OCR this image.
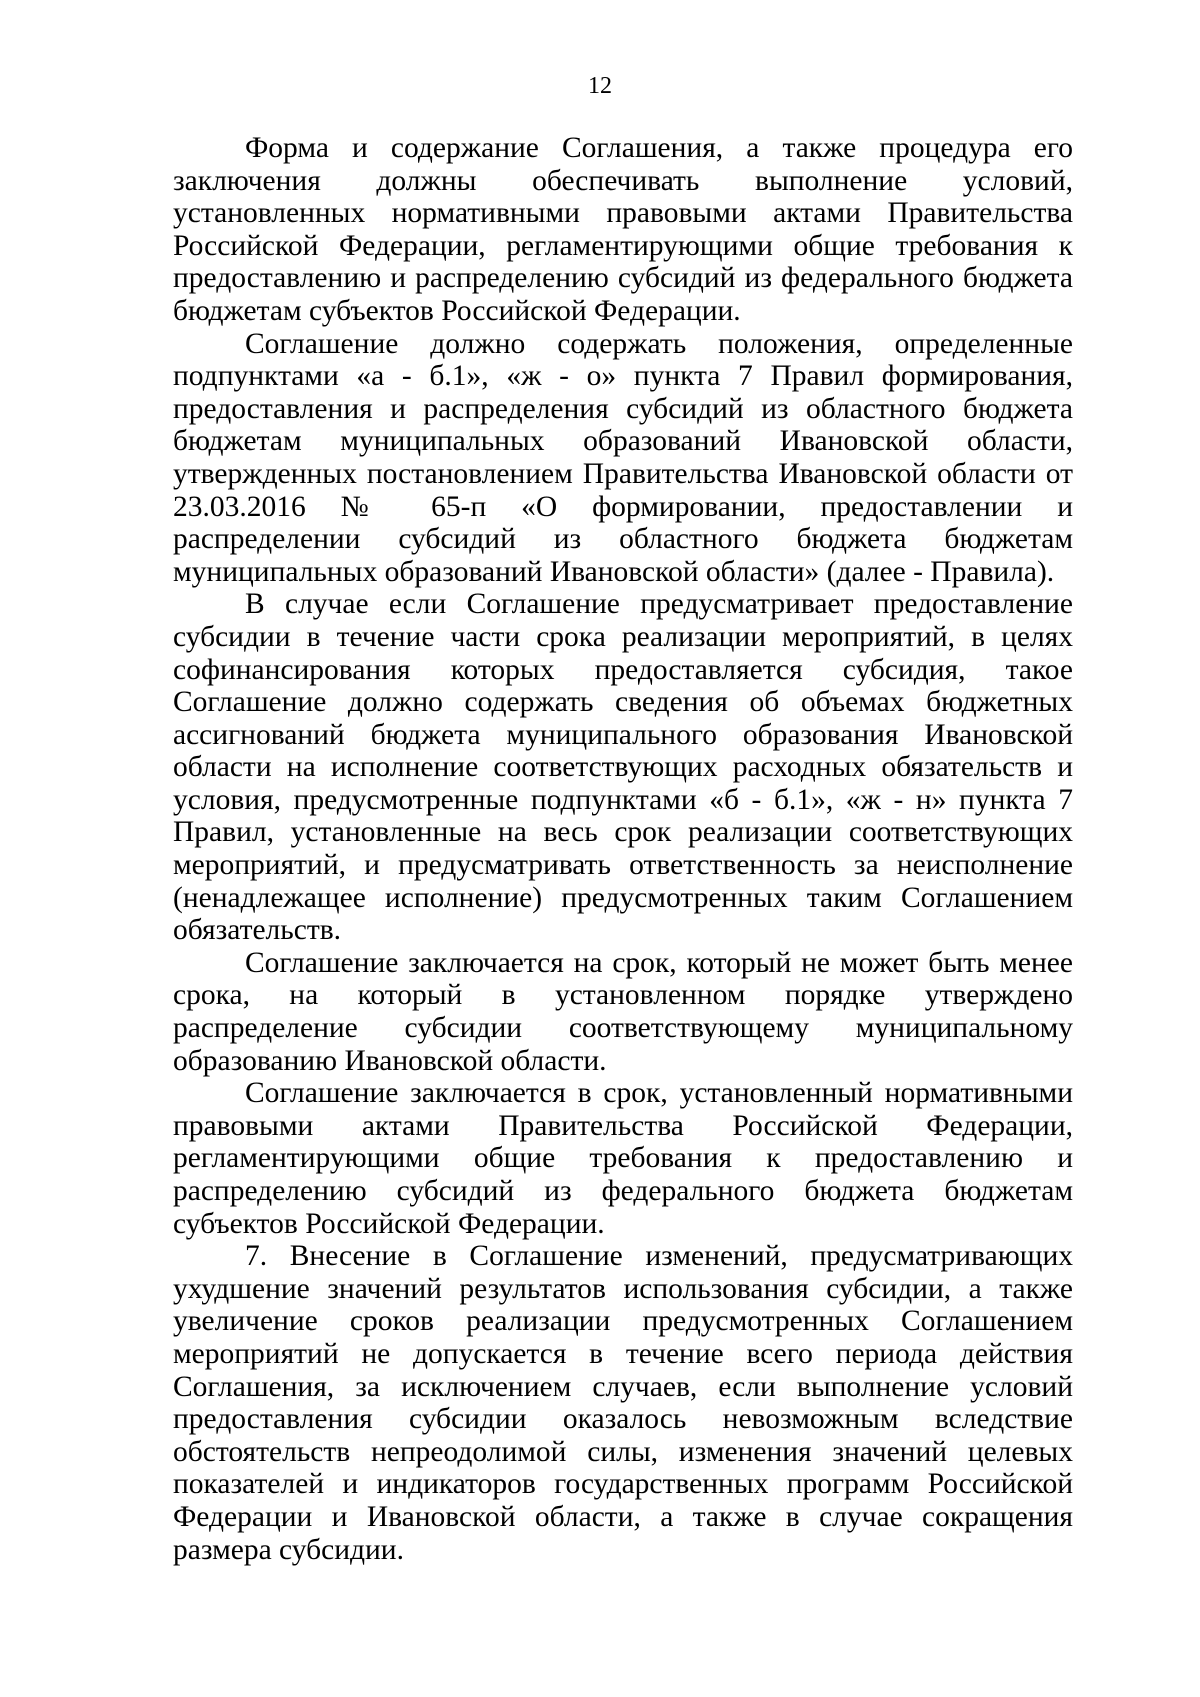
12

Форма и содержание Соглашения, а также процедура его заключения должны обеспечивать выполнение условий, установленных нормативными правовыми актами Правительства Российской Федерации, регламентирующими общие требования к предоставлению и распределению субсидий из федерального бюджета бюджетам субъектов Российской Федерации.

Соглашение должно содержать положения, определенные подпунктами «а - б.1», «ж - о» пункта 7 Правил формирования, предоставления и распределения субсидий из областного бюджета бюджетам муниципальных образований Ивановской области, утвержденных постановлением Правительства Ивановской области от 23.03.2016 № 65-п «О формировании, предоставлении и распределении субсидий из областного бюджета бюджетам муниципальных образований Ивановской области» (далее - Правила).

В случае если Соглашение предусматривает предоставление субсидии в течение части срока реализации мероприятий, в целях софинансирования которых предоставляется субсидия, такое Соглашение должно содержать сведения об объемах бюджетных ассигнований бюджета муниципального образования Ивановской области на исполнение соответствующих расходных обязательств и условия, предусмотренные подпунктами «б - б.1», «ж - н» пункта 7 Правил, установленные на весь срок реализации соответствующих мероприятий, и предусматривать ответственность за неисполнение (ненадлежащее исполнение) предусмотренных таким Соглашением обязательств.

Соглашение заключается на срок, который не может быть менее срока, на который в установленном порядке утверждено распределение субсидии соответствующему муниципальному образованию Ивановской области.

Соглашение заключается в срок, установленный нормативными правовыми актами Правительства Российской Федерации, регламентирующими общие требования к предоставлению и распределению субсидий из федерального бюджета бюджетам субъектов Российской Федерации.

7. Внесение в Соглашение изменений, предусматривающих ухудшение значений результатов использования субсидии, а также увеличение сроков реализации предусмотренных Соглашением мероприятий не допускается в течение всего периода действия Соглашения, за исключением случаев, если выполнение условий предоставления субсидии оказалось невозможным вследствие обстоятельств непреодолимой силы, изменения значений целевых показателей и индикаторов государственных программ Российской Федерации и Ивановской области, а также в случае сокращения размера субсидии.
